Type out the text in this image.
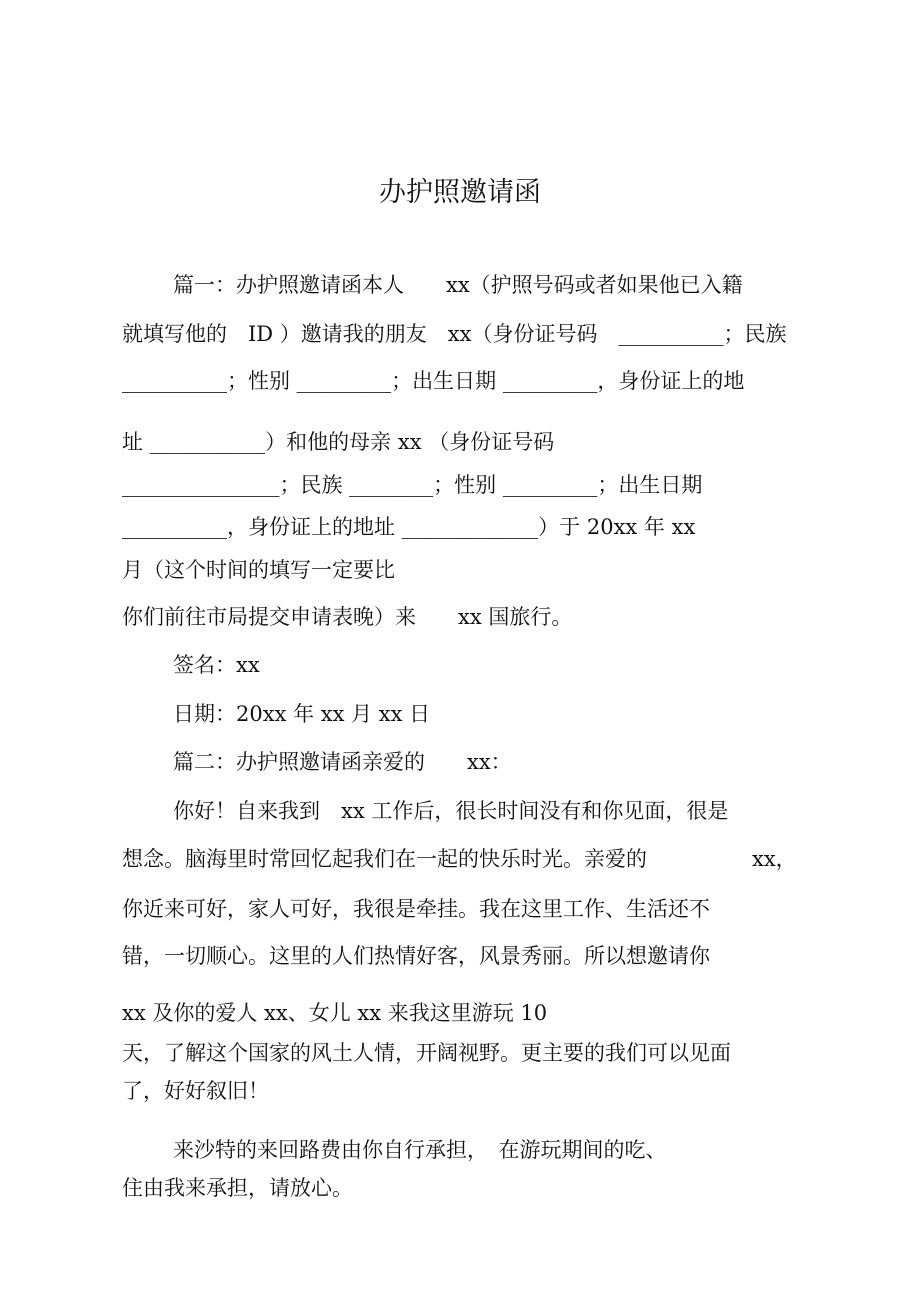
办护照邀请函
篇一：办护照邀请函本人　　xx（护照号码或者如果他已入籍
就填写他的　ID ）邀请我的朋友　xx（身份证号码　__________；民族
__________；性别 _________；出生日期 _________，身份证上的地
址 ___________）和他的母亲 xx （身份证号码
_______________；民族 ________；性别 _________；出生日期
__________，身份证上的地址 _____________）于 20xx 年 xx
月（这个时间的填写一定要比
你们前往市局提交申请表晚）来　　xx 国旅行。
签名：xx
日期：20xx 年 xx 月 xx 日
篇二：办护照邀请函亲爱的　　xx：
你好！自来我到　xx 工作后，很长时间没有和你见面，很是
想念。脑海里时常回忆起我们在一起的快乐时光。亲爱的　　　　　xx，
你近来可好，家人可好，我很是牵挂。我在这里工作、生活还不
错，一切顺心。这里的人们热情好客，风景秀丽。所以想邀请你
xx 及你的爱人 xx、女儿 xx 来我这里游玩 10
天，了解这个国家的风土人情，开阔视野。更主要的我们可以见面
了，好好叙旧！
来沙特的来回路费由你自行承担，　在游玩期间的吃、
住由我来承担，请放心。
